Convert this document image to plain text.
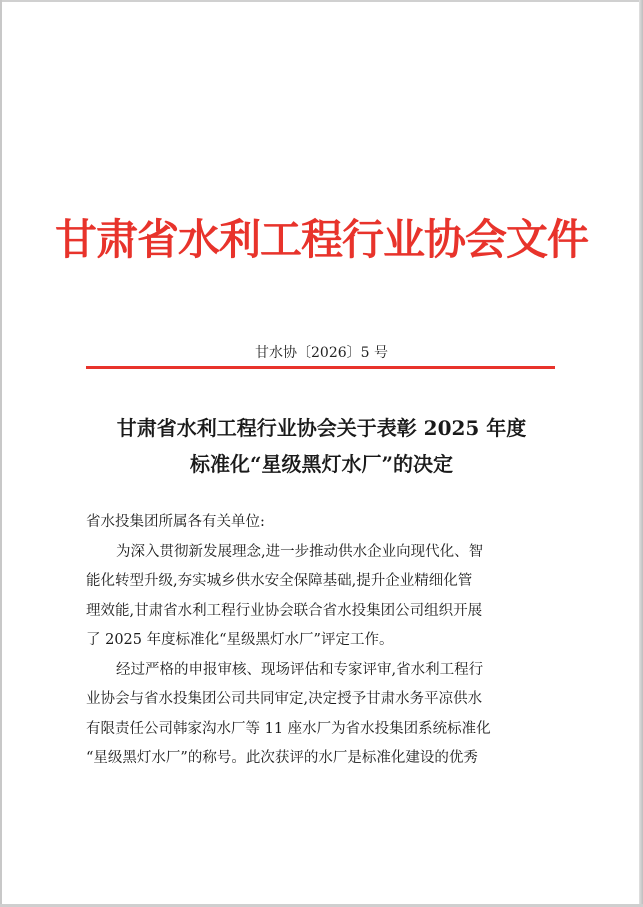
甘肃省水利工程行业协会文件
甘水协〔2026〕5 号
甘肃省水利工程行业协会关于表彰 2025 年度
标准化“星级黑灯水厂”的决定
省水投集团所属各有关单位:
为深入贯彻新发展理念,进一步推动供水企业向现代化、智
能化转型升级,夯实城乡供水安全保障基础,提升企业精细化管
理效能,甘肃省水利工程行业协会联合省水投集团公司组织开展
了 2025 年度标准化“星级黑灯水厂”评定工作。
经过严格的申报审核、现场评估和专家评审,省水利工程行
业协会与省水投集团公司共同审定,决定授予甘肃水务平凉供水
有限责任公司韩家沟水厂等 11 座水厂为省水投集团系统标准化
“星级黑灯水厂”的称号。此次获评的水厂是标准化建设的优秀
